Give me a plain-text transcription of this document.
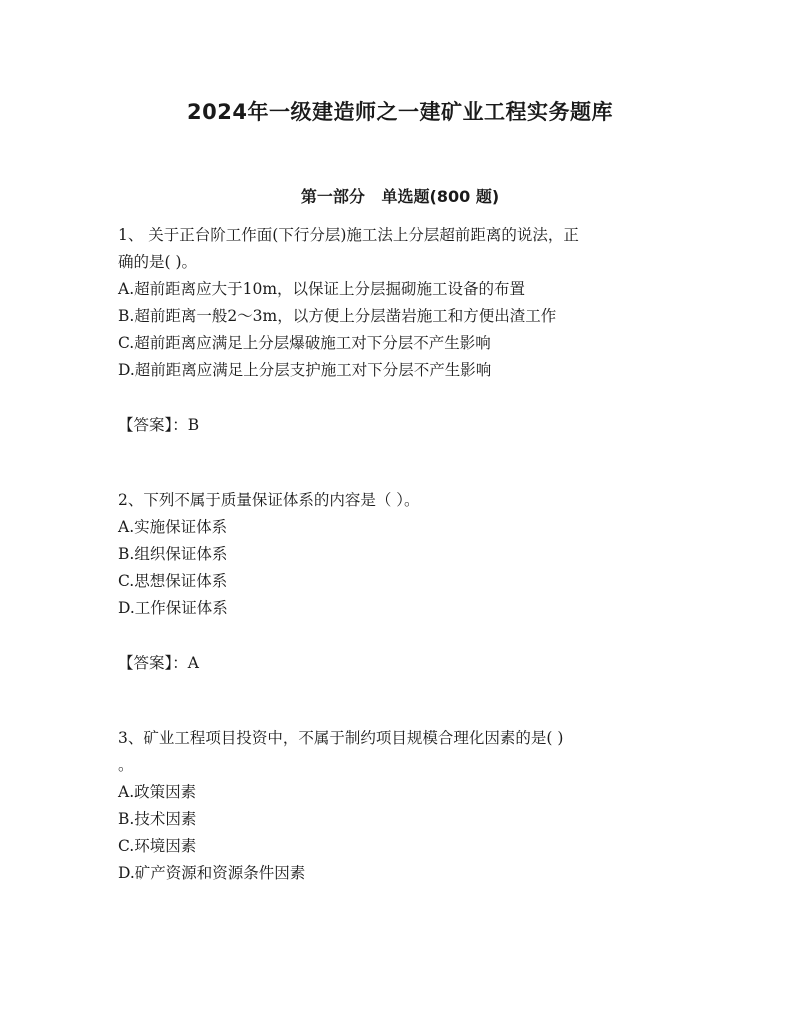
2024年一级建造师之一建矿业工程实务题库
第一部分   单选题(800 题)
1、 关于正台阶工作面(下行分层)施工法上分层超前距离的说法，正
确的是( )。
A.超前距离应大于10m，以保证上分层掘砌施工设备的布置
B.超前距离一般2～3m，以方便上分层凿岩施工和方便出渣工作
C.超前距离应满足上分层爆破施工对下分层不产生影响
D.超前距离应满足上分层支护施工对下分层不产生影响
【答案】：B
2、下列不属于质量保证体系的内容是（ ）。
A.实施保证体系
B.组织保证体系
C.思想保证体系
D.工作保证体系
【答案】：A
3、矿业工程项目投资中，不属于制约项目规模合理化因素的是( )
。
A.政策因素
B.技术因素
C.环境因素
D.矿产资源和资源条件因素
